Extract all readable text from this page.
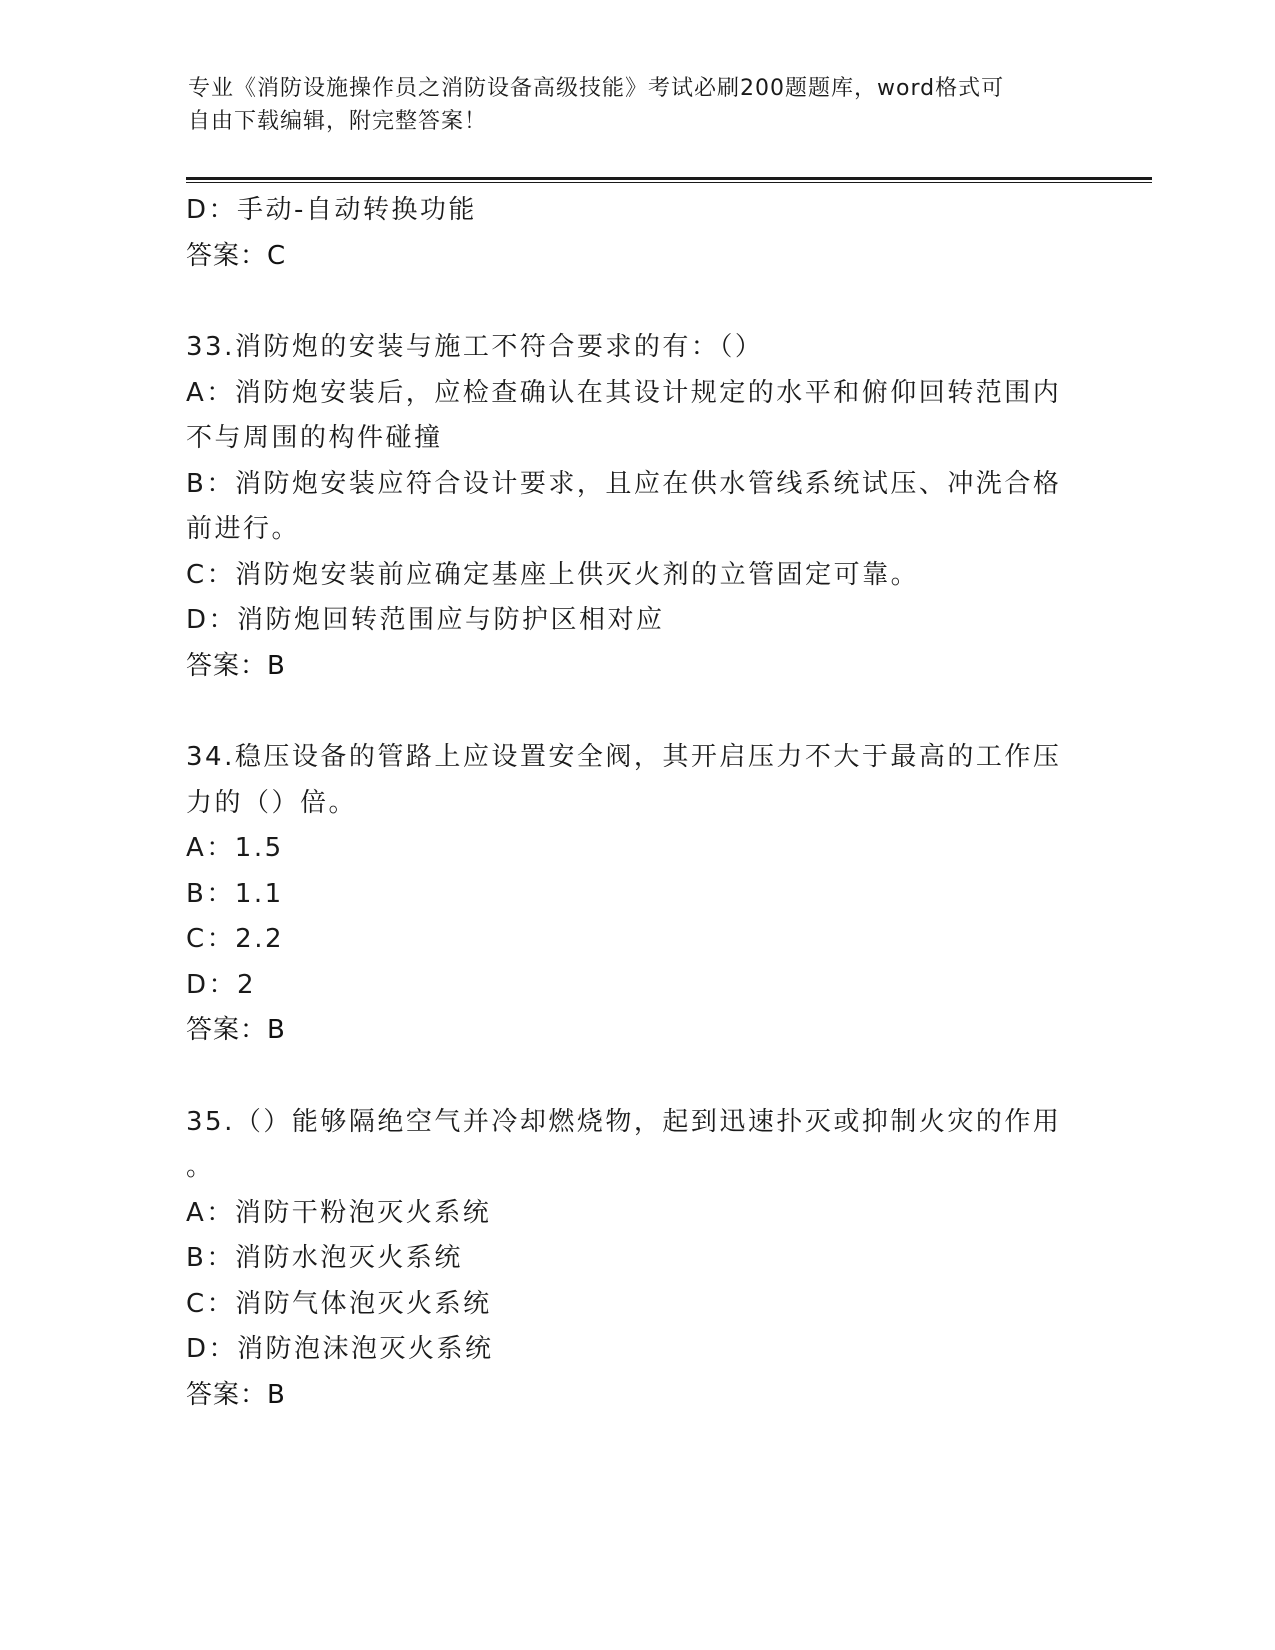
专业《消防设施操作员之消防设备高级技能》考试必刷200题题库，word格式可
自由下载编辑，附完整答案！
D：手动-自动转换功能
答案：C
33.消防炮的安装与施工不符合要求的有：（）
A：消防炮安装后，应检查确认在其设计规定的水平和俯仰回转范围内
不与周围的构件碰撞
B：消防炮安装应符合设计要求，且应在供水管线系统试压、冲洗合格
前进行。
C：消防炮安装前应确定基座上供灭火剂的立管固定可靠。
D：消防炮回转范围应与防护区相对应
答案：B
34.稳压设备的管路上应设置安全阀，其开启压力不大于最高的工作压
力的（）倍。
A：1.5
B：1.1
C：2.2
D：2
答案：B
35.（）能够隔绝空气并冷却燃烧物，起到迅速扑灭或抑制火灾的作用
。
A：消防干粉泡灭火系统
B：消防水泡灭火系统
C：消防气体泡灭火系统
D：消防泡沫泡灭火系统
答案：B
